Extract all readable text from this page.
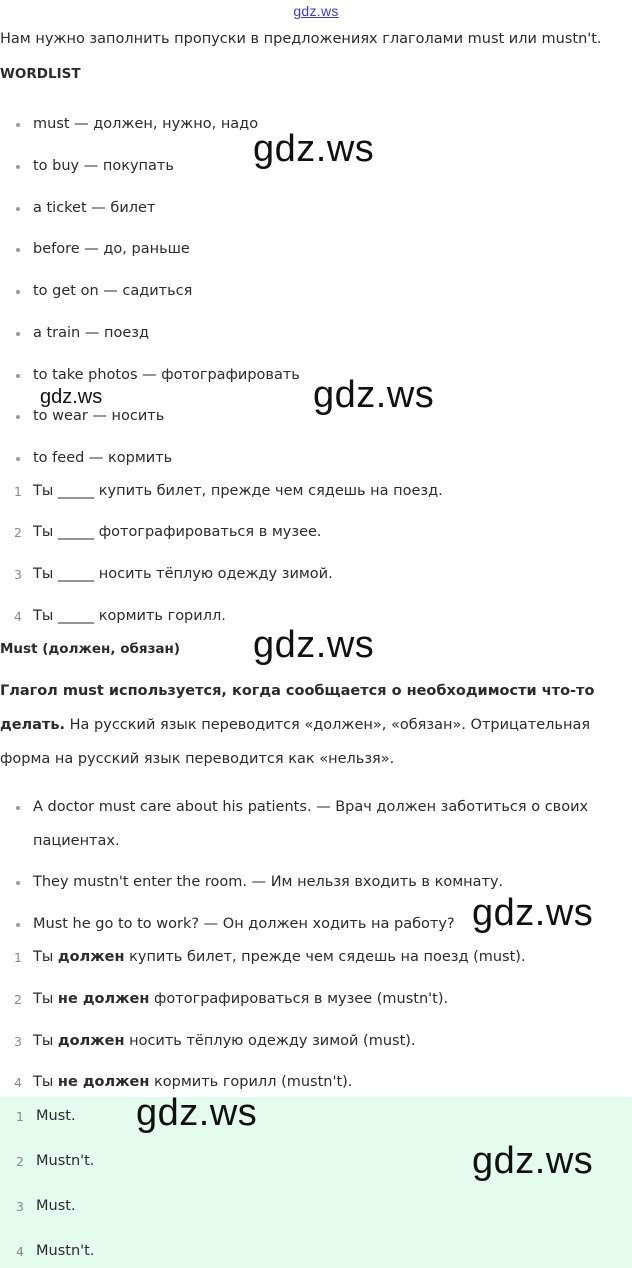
gdz.ws
Нам нужно заполнить пропуски в предложениях глаголами must или mustn't.
WORDLIST
must — должен, нужно, надо
to buy — покупать
a ticket — билет
before — до, раньше
to get on — садиться
a train — поезд
to take photos — фотографировать
to wear — носить
to feed — кормить
1 Ты _____ купить билет, прежде чем сядешь на поезд.
2 Ты _____ фотографироваться в музее.
3 Ты _____ носить тёплую одежду зимой.
4 Ты _____ кормить горилл.
Must (должен, обязан)
Глагол must используется, когда сообщается о необходимости что-то делать. На русский язык переводится «должен», «обязан». Отрицательная форма на русский язык переводится как «нельзя».
A doctor must care about his patients. — Врач должен заботиться о своих
пациентах.
They mustn't enter the room. — Им нельзя входить в комнату.
Must he go to to work? — Он должен ходить на работу?
1 Ты должен купить билет, прежде чем сядешь на поезд (must).
2 Ты не должен фотографироваться в музее (mustn't).
3 Ты должен носить тёплую одежду зимой (must).
4 Ты не должен кормить горилл (mustn't).
1 Must.
2 Mustn't.
3 Must.
4 Mustn't.
gdz.ws
gdz.ws	gdz.ws
gdz.ws
gdz.ws
gdz.ws
gdz.ws
